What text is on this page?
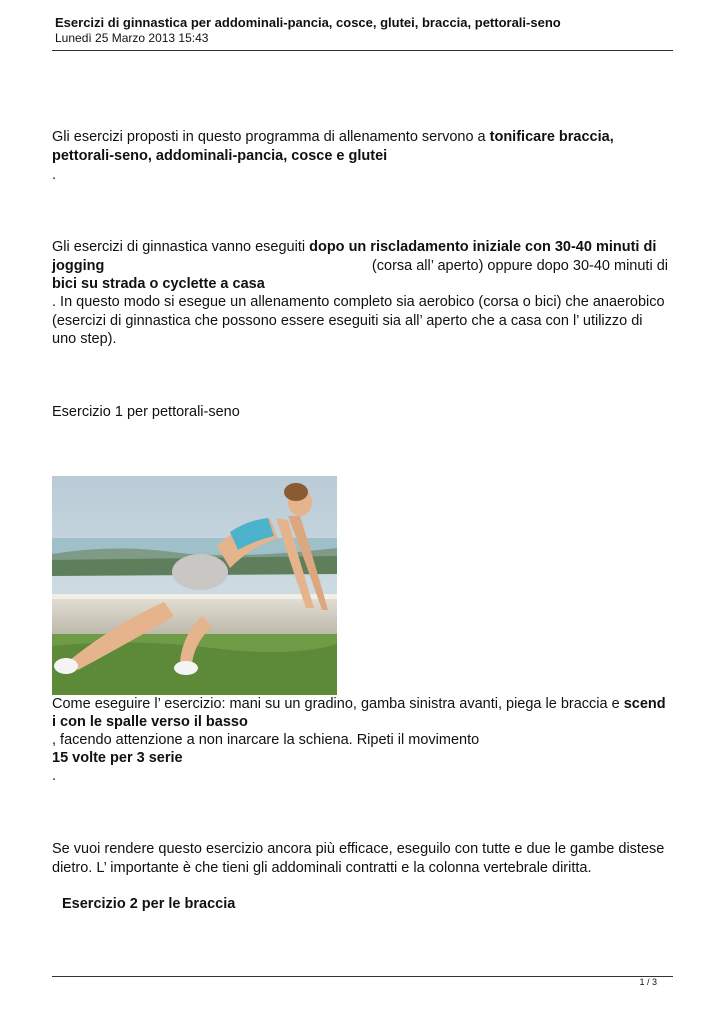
Esercizi di ginnastica per addominali-pancia, cosce, glutei, braccia, pettorali-seno
Lunedì 25 Marzo 2013 15:43
Gli esercizi proposti in questo programma di allenamento servono a tonificare braccia,
pettorali-seno, addominali-pancia, cosce e glutei
.
Gli esercizi di ginnastica vanno eseguiti dopo un riscladamento iniziale con 30-40 minuti di
jogging	(corsa all’ aperto) oppure dopo 30-40 minuti di
bici su strada o cyclette a casa
. In questo modo si esegue un allenamento completo sia aerobico (corsa o bici) che anaerobico
(esercizi di ginnastica che possono essere eseguiti sia all’ aperto che a casa con l’ utilizzo di
uno step).
Esercizio 1 per pettorali-seno
Come eseguire l’ esercizio: mani su un gradino, gamba sinistra avanti, piega le braccia e scend
i con le spalle verso il basso
, facendo attenzione a non inarcare la schiena. Ripeti il movimento
15 volte per 3 serie
.
Se vuoi rendere questo esercizio ancora più efficace, eseguilo con tutte e due le gambe distese
dietro. L’ importante è che tieni gli addominali contratti e la colonna vertebrale diritta.
Esercizio 2 per le braccia
1 / 3
